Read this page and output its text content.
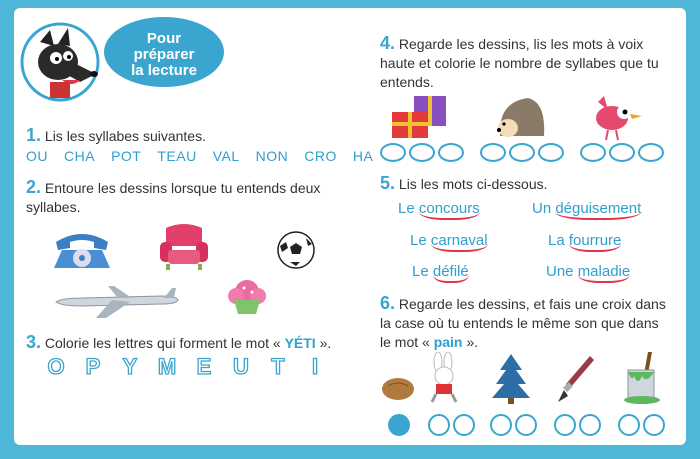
Pour
préparer
la lecture
1. Lis les syllabes suivantes.
OU CHA POT TEAU VAL NON CRO HA
2. Entoure les dessins lorsque tu entends deux syllabes.
3. Colorie les lettres qui forment le mot « YÉTI ».
O P	Y M E U	T	I
4. Regarde les dessins, lis les mots à voix haute et colorie le nombre de syllabes que tu entends.
5. Lis les mots ci-dessous.
Le concours	Un déguisement
Le carnaval	La fourrure
Le défilé	Une maladie
6. Regarde les dessins, et fais une croix dans la case où tu entends le même son que dans le mot « pain ».
